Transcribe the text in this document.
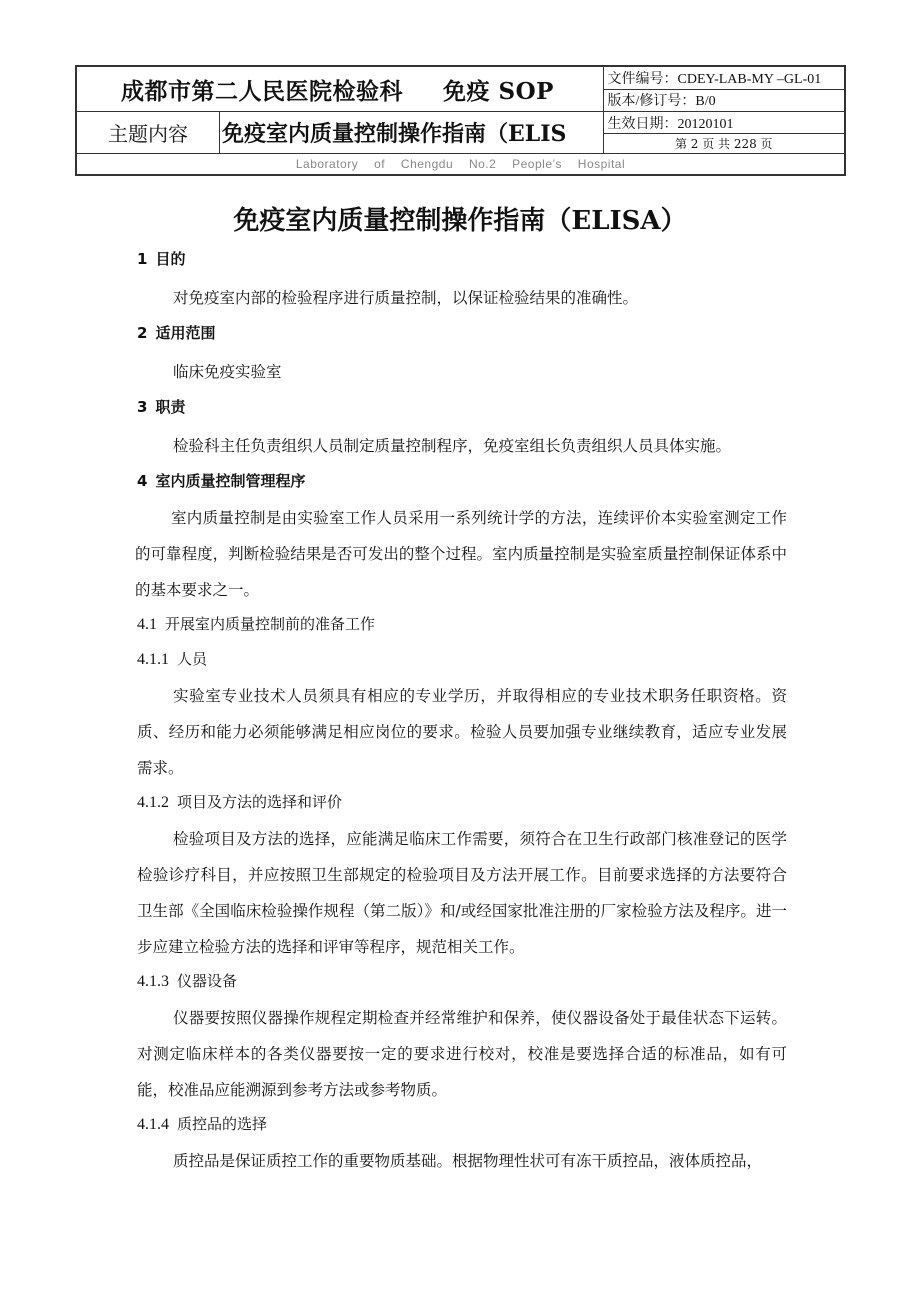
成都市第二人民医院检验科 免疫 SOP		文件编号：CDEY-LAB-MY –GL-01
		版本/修订号：B/0
主题内容	免疫室内质量控制操作指南（ELIS	生效日期：20120101
		第 2 页 共 228 页
Laboratory of Chengdu No.2 People’s Hospital		
免疫室内质量控制操作指南（ELISA）

1 目的

对免疫室内部的检验程序进行质量控制，以保证检验结果的准确性。

2 适用范围

临床免疫实验室

3 职责

检验科主任负责组织人员制定质量控制程序，免疫室组长负责组织人员具体实施。

4 室内质量控制管理程序

室内质量控制是由实验室工作人员采用一系列统计学的方法，连续评价本实验室测定工作的可靠程度，判断检验结果是否可发出的整个过程。室内质量控制是实验室质量控制保证体系中的基本要求之一。

4.1 开展室内质量控制前的准备工作

4.1.1 人员

实验室专业技术人员须具有相应的专业学历，并取得相应的专业技术职务任职资格。资质、经历和能力必须能够满足相应岗位的要求。检验人员要加强专业继续教育，适应专业发展需求。

4.1.2 项目及方法的选择和评价

检验项目及方法的选择，应能满足临床工作需要，须符合在卫生行政部门核准登记的医学检验诊疗科目，并应按照卫生部规定的检验项目及方法开展工作。目前要求选择的方法要符合卫生部《全国临床检验操作规程（第二版）》和/或经国家批准注册的厂家检验方法及程序。进一步应建立检验方法的选择和评审等程序，规范相关工作。

4.1.3 仪器设备

仪器要按照仪器操作规程定期检查并经常维护和保养，使仪器设备处于最佳状态下运转。对测定临床样本的各类仪器要按一定的要求进行校对，校准是要选择合适的标准品，如有可能，校准品应能溯源到参考方法或参考物质。

4.1.4 质控品的选择

质控品是保证质控工作的重要物质基础。根据物理性状可有冻干质控品，液体质控品，
